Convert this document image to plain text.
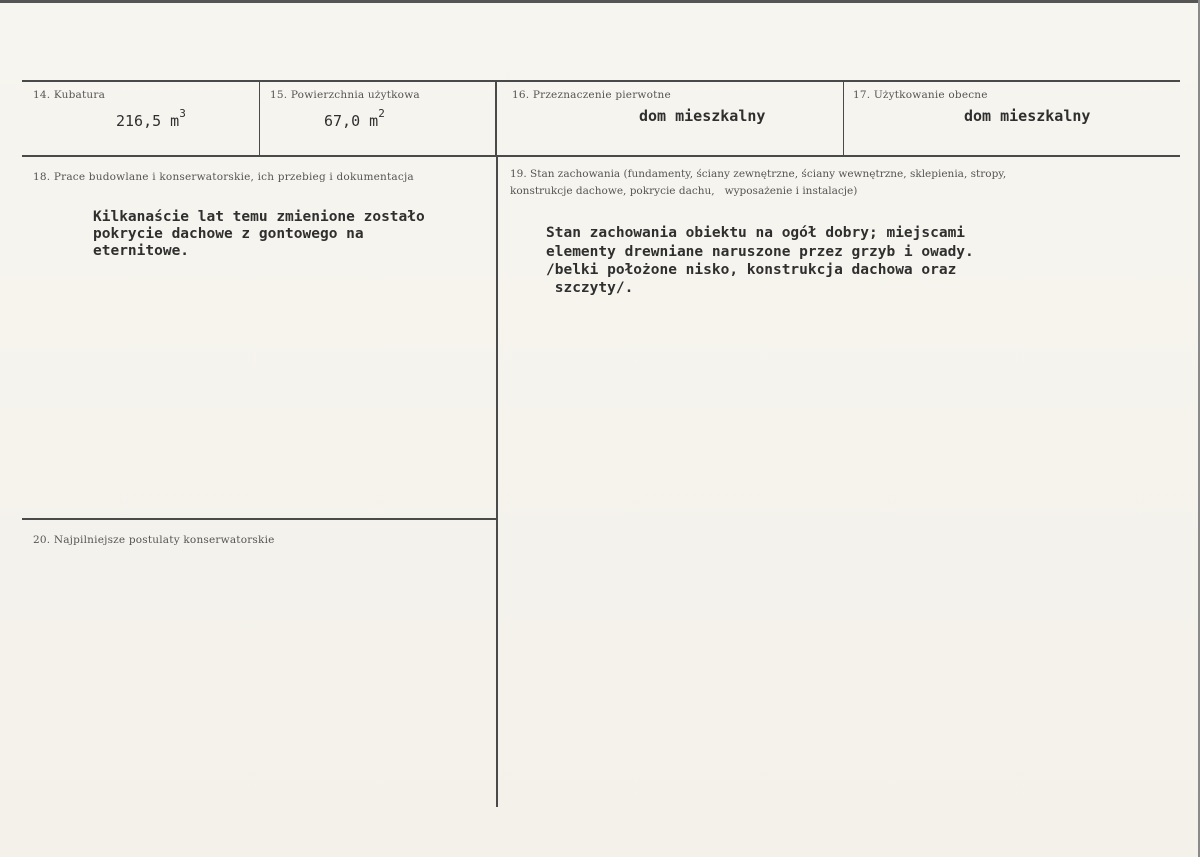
14. Kubatura
216,5 $m^3$
15. Powierzchnia użytkowa
67,0 $m^2$
16. Przeznaczenie pierwotne
dom mieszkalny
17. Użytkowanie obecne
dom mieszkalny
18. Prace budowlane i konserwatorskie, ich przebieg i dokumentacja
Kilkanaście lat temu zmienione zostało
pokrycie dachowe z gontowego na
eternitowe.
19. Stan zachowania (fundamenty, ściany zewnętrzne, ściany wewnętrzne, sklepienia, stropy,
konstrukcje dachowe, pokrycie dachu,   wyposażenie i instalacje)
Stan zachowania obiektu na ogół dobry; miejscami
elementy drewniane naruszone przez grzyb i owady.
/belki położone nisko, konstrukcja dachowa oraz
szczyty/.
20. Najpilniejsze postulaty konserwatorskie
